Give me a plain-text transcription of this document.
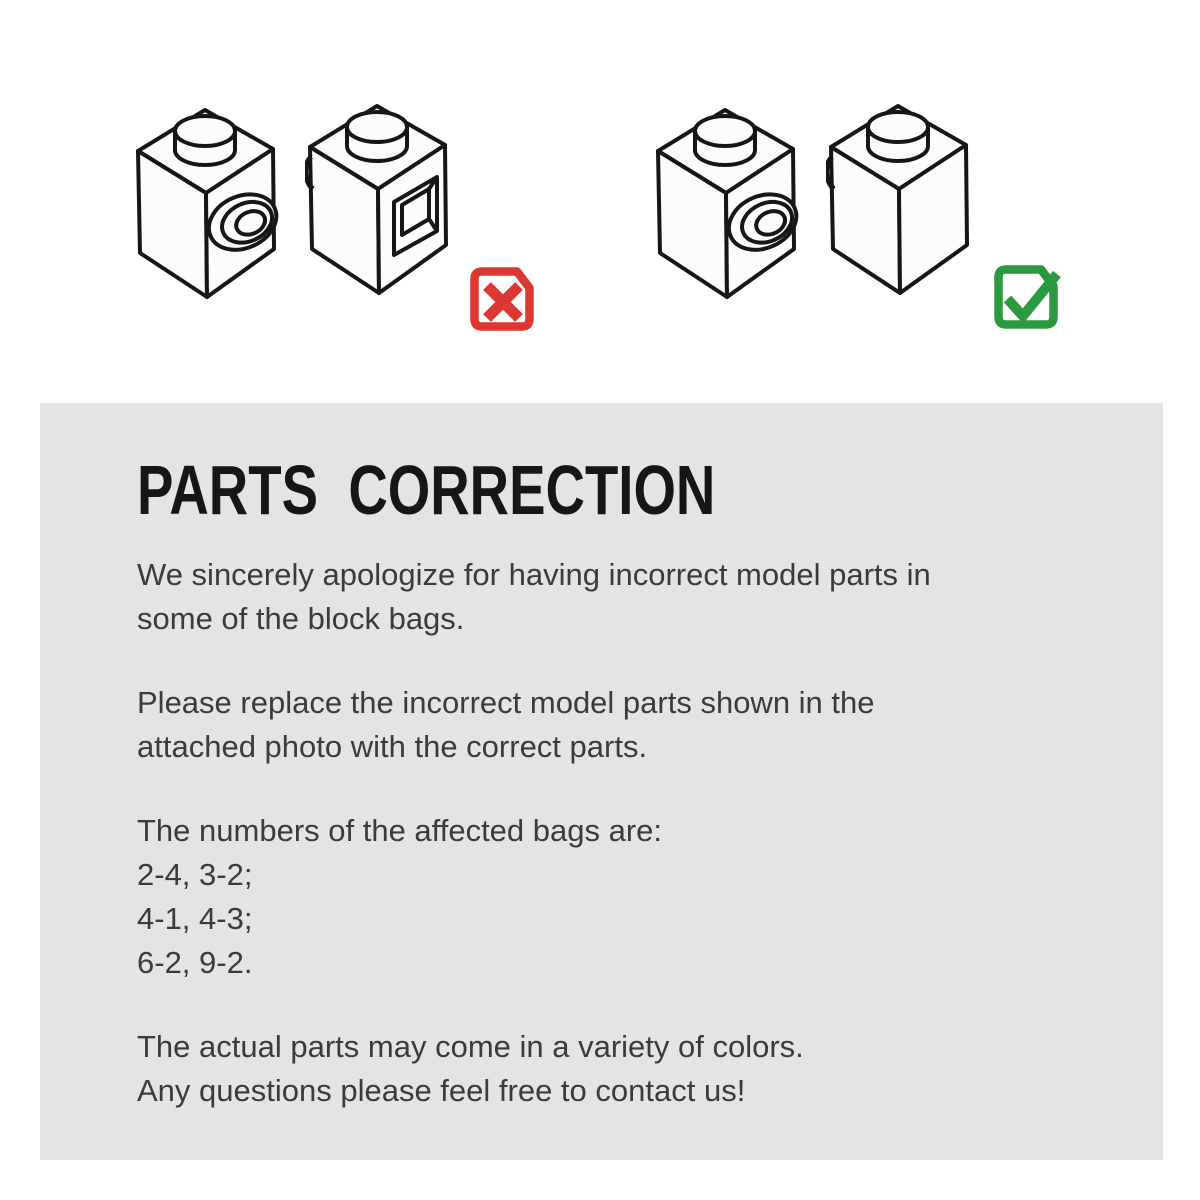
PARTS  CORRECTION

We sincerely apologize for having incorrect model parts in
some of the block bags.

Please replace the incorrect model parts shown in the
attached photo with the correct parts.

The numbers of the affected bags are:
2-4, 3-2;
4-1, 4-3;
6-2, 9-2.

The actual parts may come in a variety of colors.
Any questions please feel free to contact us!
